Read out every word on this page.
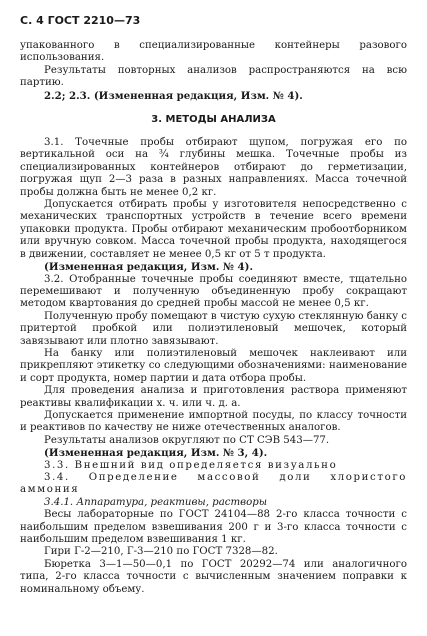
С. 4 ГОСТ 2210—73

упакованного в специализированные контейнеры разового использования.

Результаты повторных анализов распространяются на всю партию.

2.2; 2.3. (Измененная редакция, Изм. № 4).

3. МЕТОДЫ АНАЛИЗА

3.1. Точечные пробы отбирают щупом, погружая его по вертикальной оси на ¾ глубины мешка. Точечные пробы из специализированных контейнеров отбирают до герметизации, погружая щуп 2—3 раза в разных направлениях. Масса точечной пробы должна быть не менее 0,2 кг.

Допускается отбирать пробы у изготовителя непосредственно с механических транспортных устройств в течение всего времени упаковки продукта. Пробы отбирают механическим пробоотборником или вручную совком. Масса точечной пробы продукта, находящегося в движении, составляет не менее 0,5 кг от 5 т продукта.

(Измененная редакция, Изм. № 4).

3.2. Отобранные точечные пробы соединяют вместе, тщательно перемешивают и полученную объединенную пробу сокращают методом квартования до средней пробы массой не менее 0,5 кг.

Полученную пробу помещают в чистую сухую стеклянную банку с притертой пробкой или полиэтиленовый мешочек, который завязывают или плотно завязывают.

На банку или полиэтиленовый мешочек наклеивают или прикрепляют этикетку со следующими обозначениями: наименование и сорт продукта, номер партии и дата отбора пробы.

Для проведения анализа и приготовления раствора применяют реактивы квалификации х. ч. или ч. д. а.

Допускается применение импортной посуды, по классу точности и реактивов по качеству не ниже отечественных аналогов.

Результаты анализов округляют по СТ СЭВ 543—77.

(Измененная редакция, Изм. № 3, 4).

3.3. Внешний вид определяется визуально

3.4. Определение массовой доли хлористого аммония

3.4.1. Аппаратура, реактивы, растворы

Весы лабораторные по ГОСТ 24104—88 2-го класса точности с наибольшим пределом взвешивания 200 г и 3-го класса точности с наибольшим пределом взвешивания 1 кг.

Гири Г-2—210, Г-3—210 по ГОСТ 7328—82.

Бюретка 3—1—50—0,1 по ГОСТ 20292—74 или аналогичного типа, 2-го класса точности с вычисленным значением поправки к номинальному объему.
